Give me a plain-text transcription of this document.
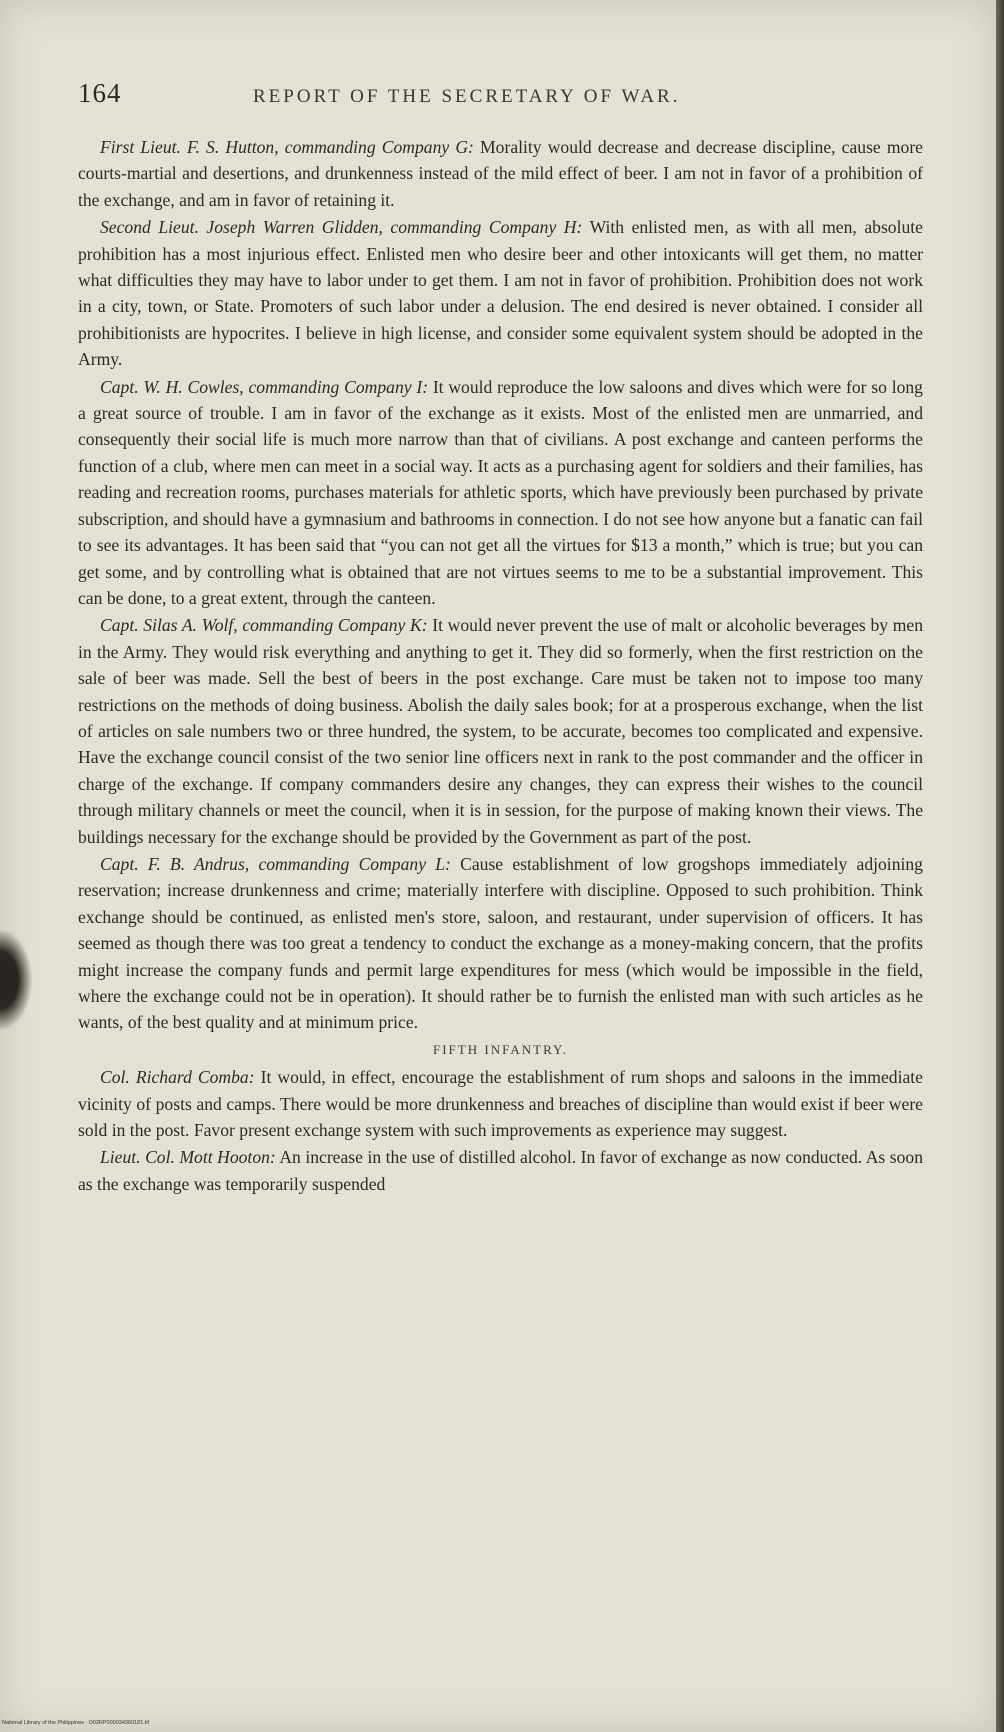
164	REPORT OF THE SECRETARY OF WAR.

First Lieut. F. S. Hutton, commanding Company G: Morality would decrease and decrease discipline, cause more courts-martial and desertions, and drunkenness instead of the mild effect of beer. I am not in favor of a prohibition of the exchange, and am in favor of retaining it.

Second Lieut. Joseph Warren Glidden, commanding Company H: With enlisted men, as with all men, absolute prohibition has a most injurious effect. Enlisted men who desire beer and other intoxicants will get them, no matter what difficulties they may have to labor under to get them. I am not in favor of prohibition. Prohibition does not work in a city, town, or State. Promoters of such labor under a delusion. The end desired is never obtained. I consider all prohibitionists are hypocrites. I believe in high license, and consider some equivalent system should be adopted in the Army.

Capt. W. H. Cowles, commanding Company I: It would reproduce the low saloons and dives which were for so long a great source of trouble. I am in favor of the exchange as it exists. Most of the enlisted men are unmarried, and consequently their social life is much more narrow than that of civilians. A post exchange and canteen performs the function of a club, where men can meet in a social way. It acts as a purchasing agent for soldiers and their families, has reading and recreation rooms, purchases materials for athletic sports, which have previously been purchased by private subscription, and should have a gymnasium and bathrooms in connection. I do not see how anyone but a fanatic can fail to see its advantages. It has been said that “you can not get all the virtues for $13 a month,” which is true; but you can get some, and by controlling what is obtained that are not virtues seems to me to be a substantial improvement. This can be done, to a great extent, through the canteen.

Capt. Silas A. Wolf, commanding Company K: It would never prevent the use of malt or alcoholic beverages by men in the Army. They would risk everything and anything to get it. They did so formerly, when the first restriction on the sale of beer was made. Sell the best of beers in the post exchange. Care must be taken not to impose too many restrictions on the methods of doing business. Abolish the daily sales book; for at a prosperous exchange, when the list of articles on sale numbers two or three hundred, the system, to be accurate, becomes too complicated and expensive. Have the exchange council consist of the two senior line officers next in rank to the post commander and the officer in charge of the exchange. If company commanders desire any changes, they can express their wishes to the council through military channels or meet the council, when it is in session, for the purpose of making known their views. The buildings necessary for the exchange should be provided by the Government as part of the post.

Capt. F. B. Andrus, commanding Company L: Cause establishment of low grogshops immediately adjoining reservation; increase drunkenness and crime; materially interfere with discipline. Opposed to such prohibition. Think exchange should be continued, as enlisted men's store, saloon, and restaurant, under supervision of officers. It has seemed as though there was too great a tendency to conduct the exchange as a money-making concern, that the profits might increase the company funds and permit large expenditures for mess (which would be impossible in the field, where the exchange could not be in operation). It should rather be to furnish the enlisted man with such articles as he wants, of the best quality and at minimum price.

FIFTH INFANTRY.

Col. Richard Comba: It would, in effect, encourage the establishment of rum shops and saloons in the immediate vicinity of posts and camps. There would be more drunkenness and breaches of discipline than would exist if beer were sold in the post. Favor present exchange system with such improvements as experience may suggest.

Lieut. Col. Mott Hooton: An increase in the use of distilled alcohol. In favor of exchange as now conducted. As soon as the exchange was temporarily suspended

National Library of the Philippines · D02RP000034360181.tif
